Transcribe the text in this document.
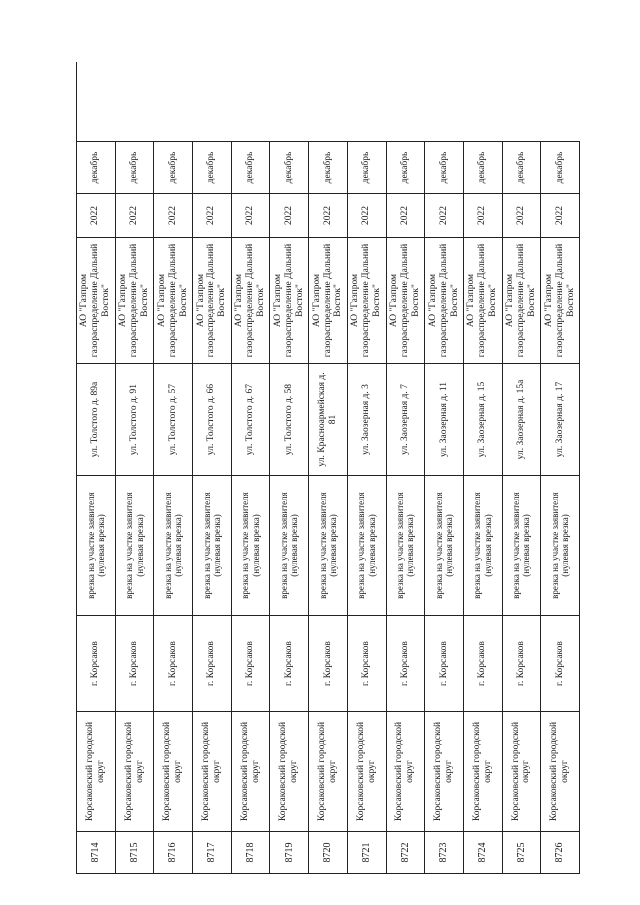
8714
Корсаковский городской округ
г. Корсаков
врезка на участке заявителя (нулевая врезка)
ул. Толстого д. 89а
АО "Газпром газораспределение Дальний Восток"
2022
декабрь
8715
Корсаковский городской округ
г. Корсаков
врезка на участке заявителя (нулевая врезка)
ул. Толстого д. 91
АО "Газпром газораспределение Дальний Восток"
2022
декабрь
8716
Корсаковский городской округ
г. Корсаков
врезка на участке заявителя (нулевая врезка)
ул. Толстого д. 57
АО "Газпром газораспределение Дальний Восток"
2022
декабрь
8717
Корсаковский городской округ
г. Корсаков
врезка на участке заявителя (нулевая врезка)
ул. Толстого д. 66
АО "Газпром газораспределение Дальний Восток"
2022
декабрь
8718
Корсаковский городской округ
г. Корсаков
врезка на участке заявителя (нулевая врезка)
ул. Толстого д. 67
АО "Газпром газораспределение Дальний Восток"
2022
декабрь
8719
Корсаковский городской округ
г. Корсаков
врезка на участке заявителя (нулевая врезка)
ул. Толстого д. 58
АО "Газпром газораспределение Дальний Восток"
2022
декабрь
8720
Корсаковский городской округ
г. Корсаков
врезка на участке заявителя (нулевая врезка)
ул. Красноармейская д. 81
АО "Газпром газораспределение Дальний Восток"
2022
декабрь
8721
Корсаковский городской округ
г. Корсаков
врезка на участке заявителя (нулевая врезка)
ул. Заозерная д. 3
АО "Газпром газораспределение Дальний Восток"
2022
декабрь
8722
Корсаковский городской округ
г. Корсаков
врезка на участке заявителя (нулевая врезка)
ул. Заозерная д. 7
АО "Газпром газораспределение Дальний Восток"
2022
декабрь
8723
Корсаковский городской округ
г. Корсаков
врезка на участке заявителя (нулевая врезка)
ул. Заозерная д. 11
АО "Газпром газораспределение Дальний Восток"
2022
декабрь
8724
Корсаковский городской округ
г. Корсаков
врезка на участке заявителя (нулевая врезка)
ул. Заозерная д. 15
АО "Газпром газораспределение Дальний Восток"
2022
декабрь
8725
Корсаковский городской округ
г. Корсаков
врезка на участке заявителя (нулевая врезка)
ул. Заозерная д. 15а
АО "Газпром газораспределение Дальний Восток"
2022
декабрь
8726
Корсаковский городской округ
г. Корсаков
врезка на участке заявителя (нулевая врезка)
ул. Заозерная д. 17
АО "Газпром газораспределение Дальний Восток"
2022
декабрь
